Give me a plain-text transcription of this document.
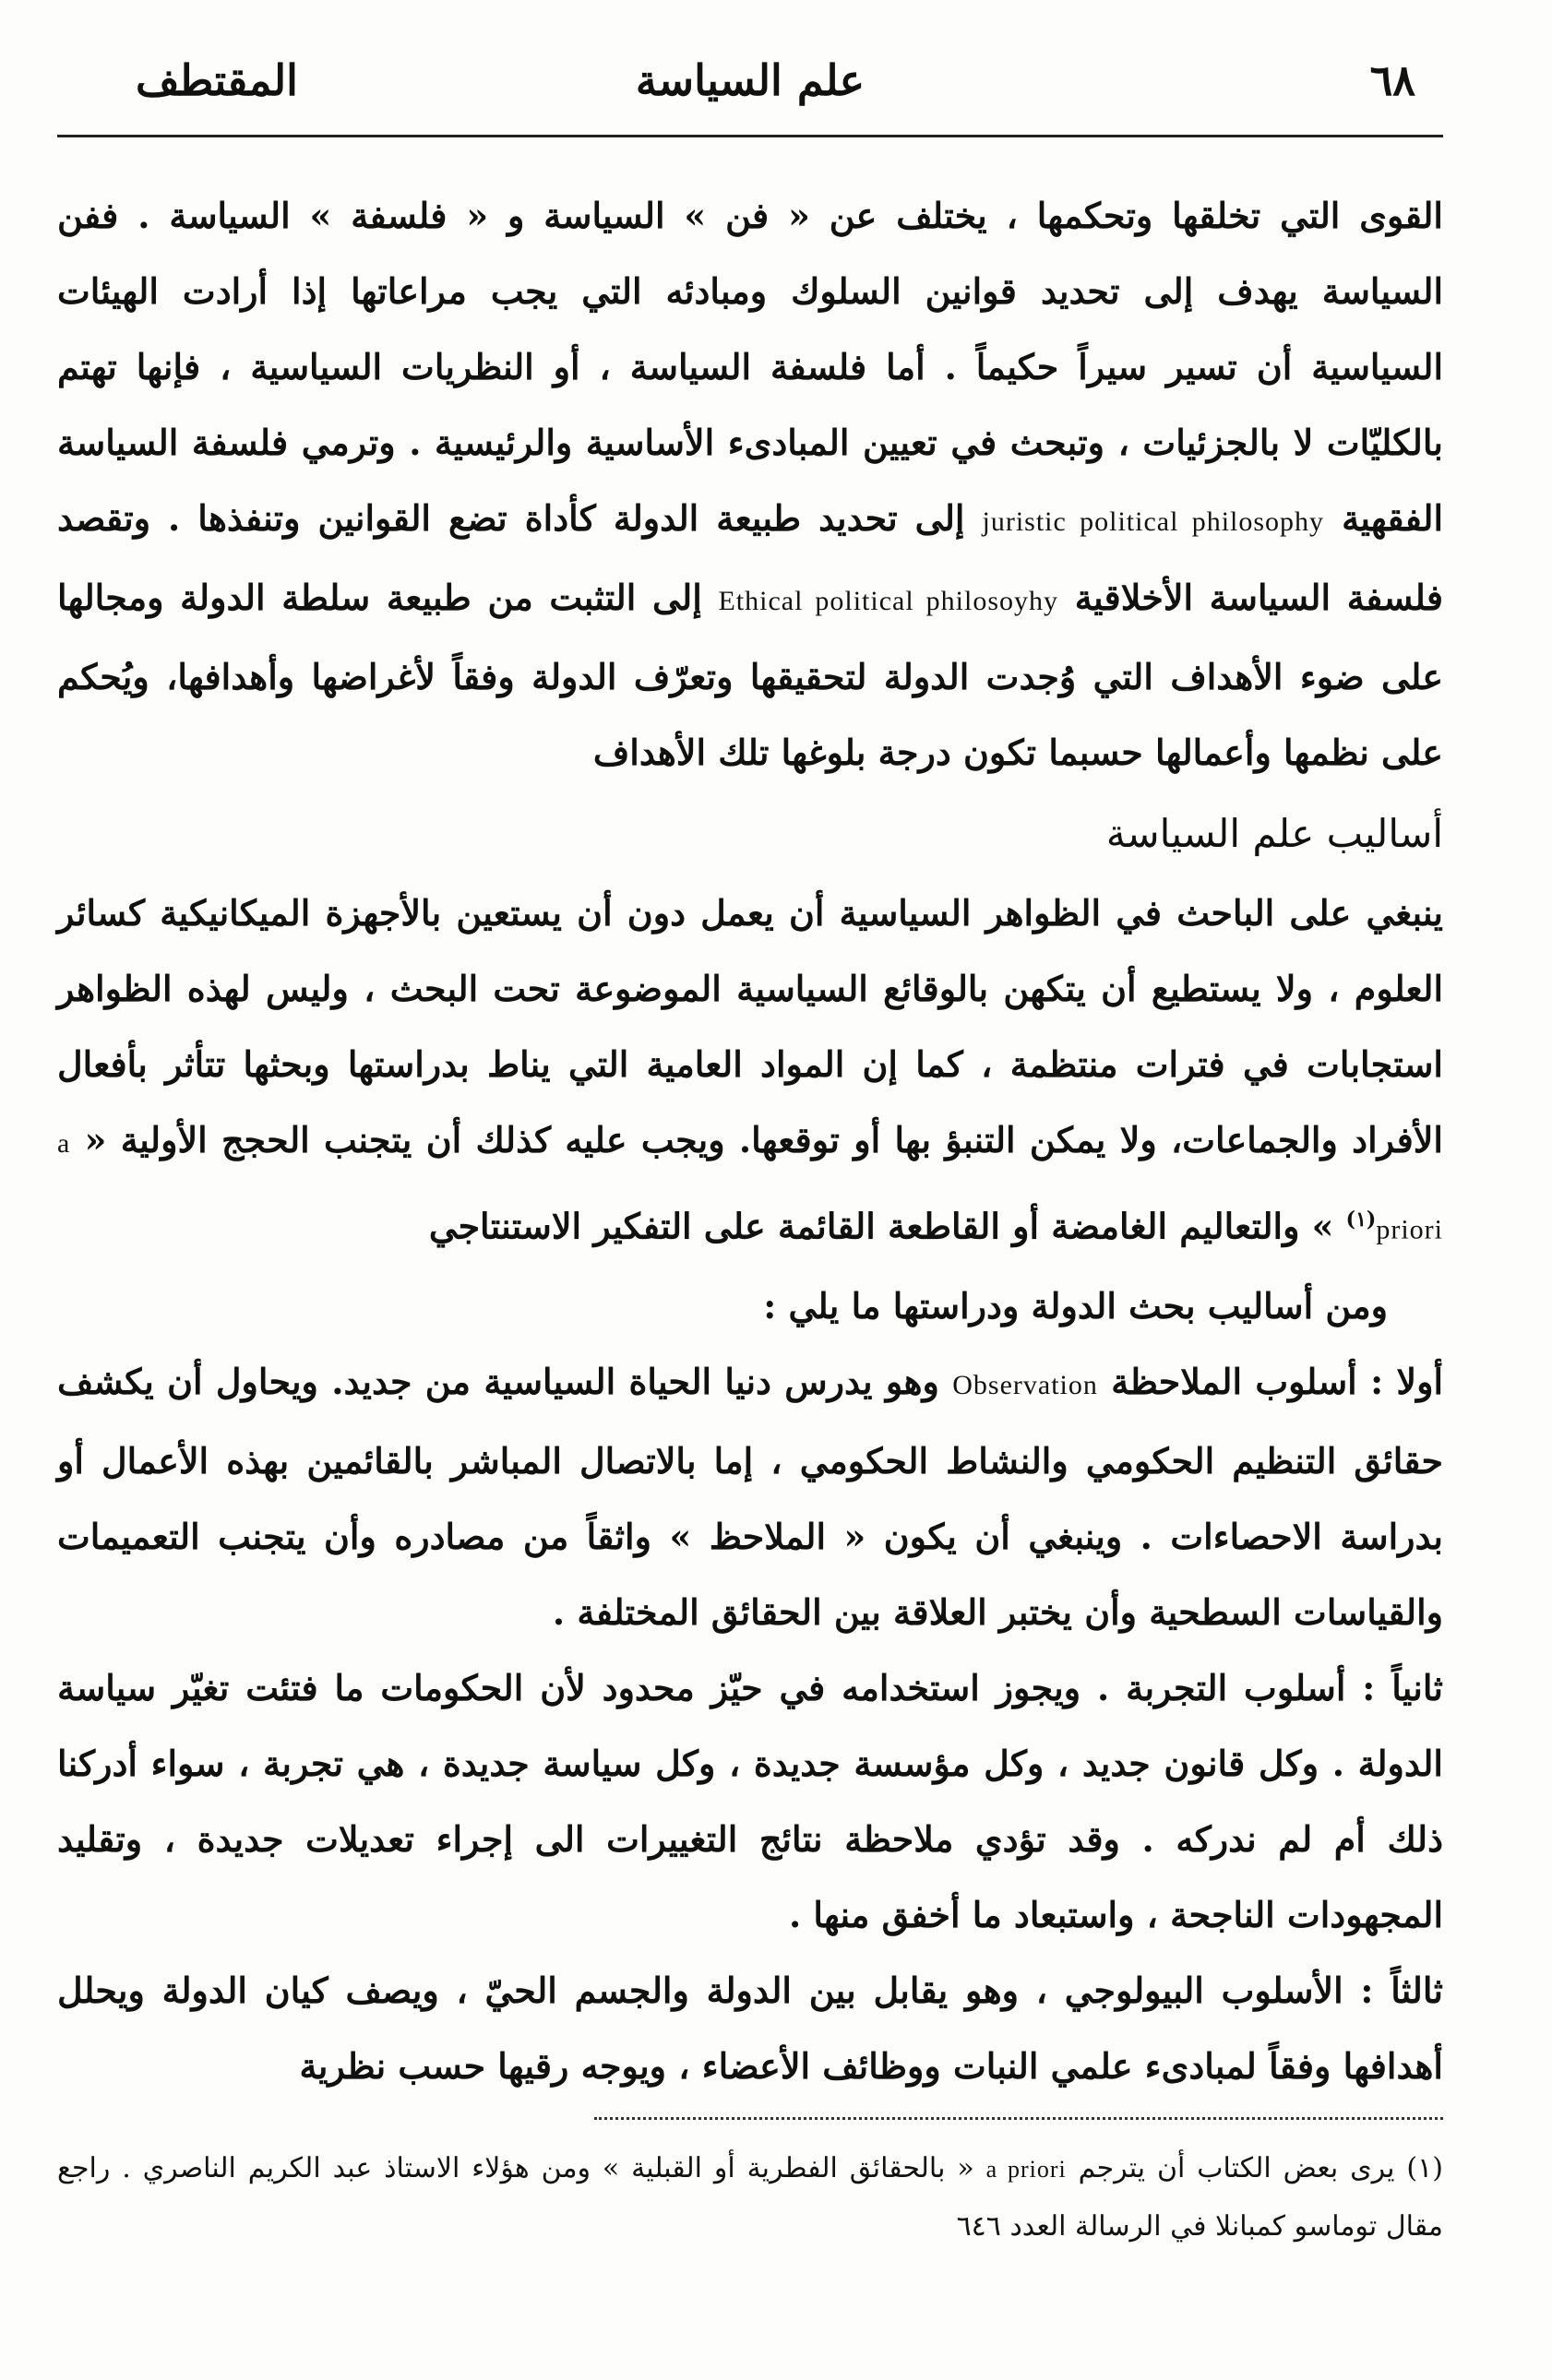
٦٨
علم السياسة
المقتطف

القوى التي تخلقها وتحكمها ، يختلف عن « فن » السياسة و « فلسفة » السياسة . ففن السياسة يهدف إلى تحديد قوانين السلوك ومبادئه التي يجب مراعاتها إذا أرادت الهيئات السياسية أن تسير سيراً حكيماً . أما فلسفة السياسة ، أو النظريات السياسية ، فإنها تهتم بالكليّات لا بالجزئيات ، وتبحث في تعيين المبادىء الأساسية والرئيسية . وترمي فلسفة السياسة الفقهية juristic political philosophy إلى تحديد طبيعة الدولة كأداة تضع القوانين وتنفذها . وتقصد فلسفة السياسة الأخلاقية Ethical political philosoyhy إلى التثبت من طبيعة سلطة الدولة ومجالها على ضوء الأهداف التي وُجدت الدولة لتحقيقها وتعرّف الدولة وفقاً لأغراضها وأهدافها، ويُحكم على نظمها وأعمالها حسبما تكون درجة بلوغها تلك الأهداف

أساليب علم السياسة

ينبغي على الباحث في الظواهر السياسية أن يعمل دون أن يستعين بالأجهزة الميكانيكية كسائر العلوم ، ولا يستطيع أن يتكهن بالوقائع السياسية الموضوعة تحت البحث ، وليس لهذه الظواهر استجابات في فترات منتظمة ، كما إن المواد العامية التي يناط بدراستها وبحثها تتأثر بأفعال الأفراد والجماعات، ولا يمكن التنبؤ بها أو توقعها. ويجب عليه كذلك أن يتجنب الحجج الأولية « a priori$^{(١)}$ » والتعاليم الغامضة أو القاطعة القائمة على التفكير الاستنتاجي

ومن أساليب بحث الدولة ودراستها ما يلي :

أولا : أسلوب الملاحظة Observation وهو يدرس دنيا الحياة السياسية من جديد. ويحاول أن يكشف حقائق التنظيم الحكومي والنشاط الحكومي ، إما بالاتصال المباشر بالقائمين بهذه الأعمال أو بدراسة الاحصاءات . وينبغي أن يكون « الملاحظ » واثقاً من مصادره وأن يتجنب التعميمات والقياسات السطحية وأن يختبر العلاقة بين الحقائق المختلفة .

ثانياً : أسلوب التجربة . ويجوز استخدامه في حيّز محدود لأن الحكومات ما فتئت تغيّر سياسة الدولة . وكل قانون جديد ، وكل مؤسسة جديدة ، وكل سياسة جديدة ، هي تجربة ، سواء أدركنا ذلك أم لم ندركه . وقد تؤدي ملاحظة نتائج التغييرات الى إجراء تعديلات جديدة ، وتقليد المجهودات الناجحة ، واستبعاد ما أخفق منها .

ثالثاً : الأسلوب البيولوجي ، وهو يقابل بين الدولة والجسم الحيّ ، ويصف كيان الدولة ويحلل أهدافها وفقاً لمبادىء علمي النبات ووظائف الأعضاء ، ويوجه رقيها حسب نظرية

(١) يرى بعض الكتاب أن يترجم a priori « بالحقائق الفطرية أو القبلية » ومن هؤلاء الاستاذ عبد الكريم الناصري . راجع مقال توماسو كمبانلا في الرسالة العدد ٦٤٦
